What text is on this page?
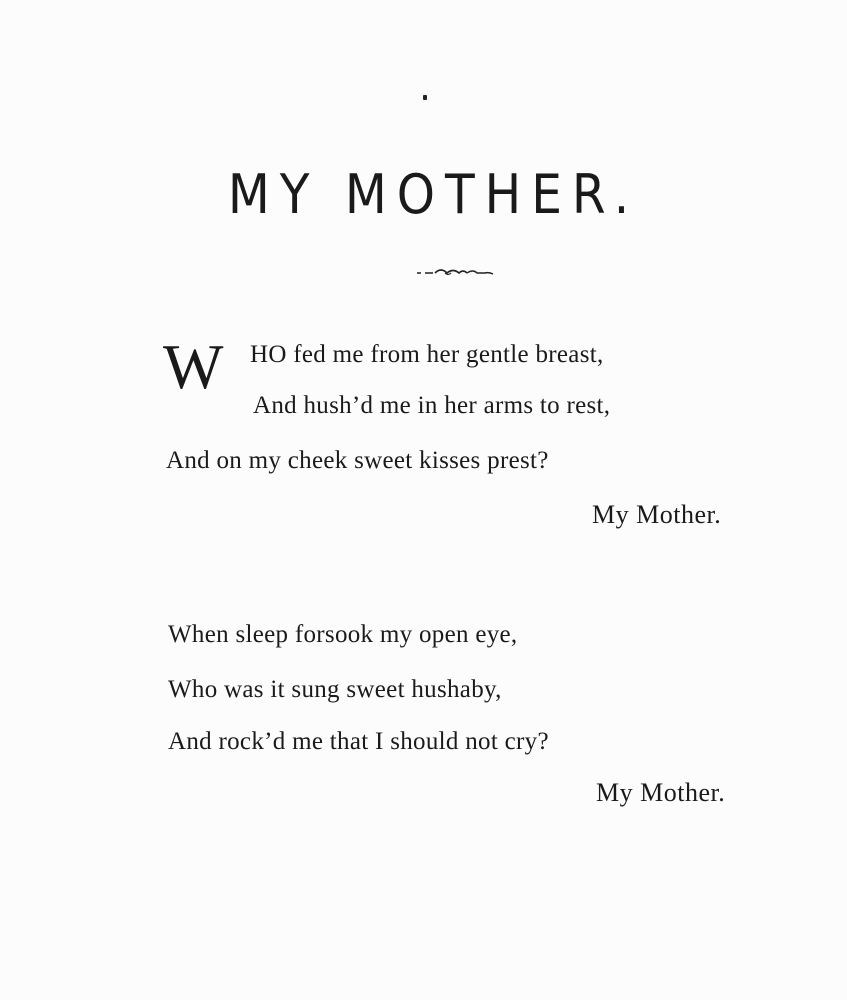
MY MOTHER.
W HO fed me from her gentle breast,
And hush’d me in her arms to rest,
And on my cheek sweet kisses prest?
My Mother.
When sleep forsook my open eye,
Who was it sung sweet hushaby,
And rock’d me that I should not cry?
My Mother.
